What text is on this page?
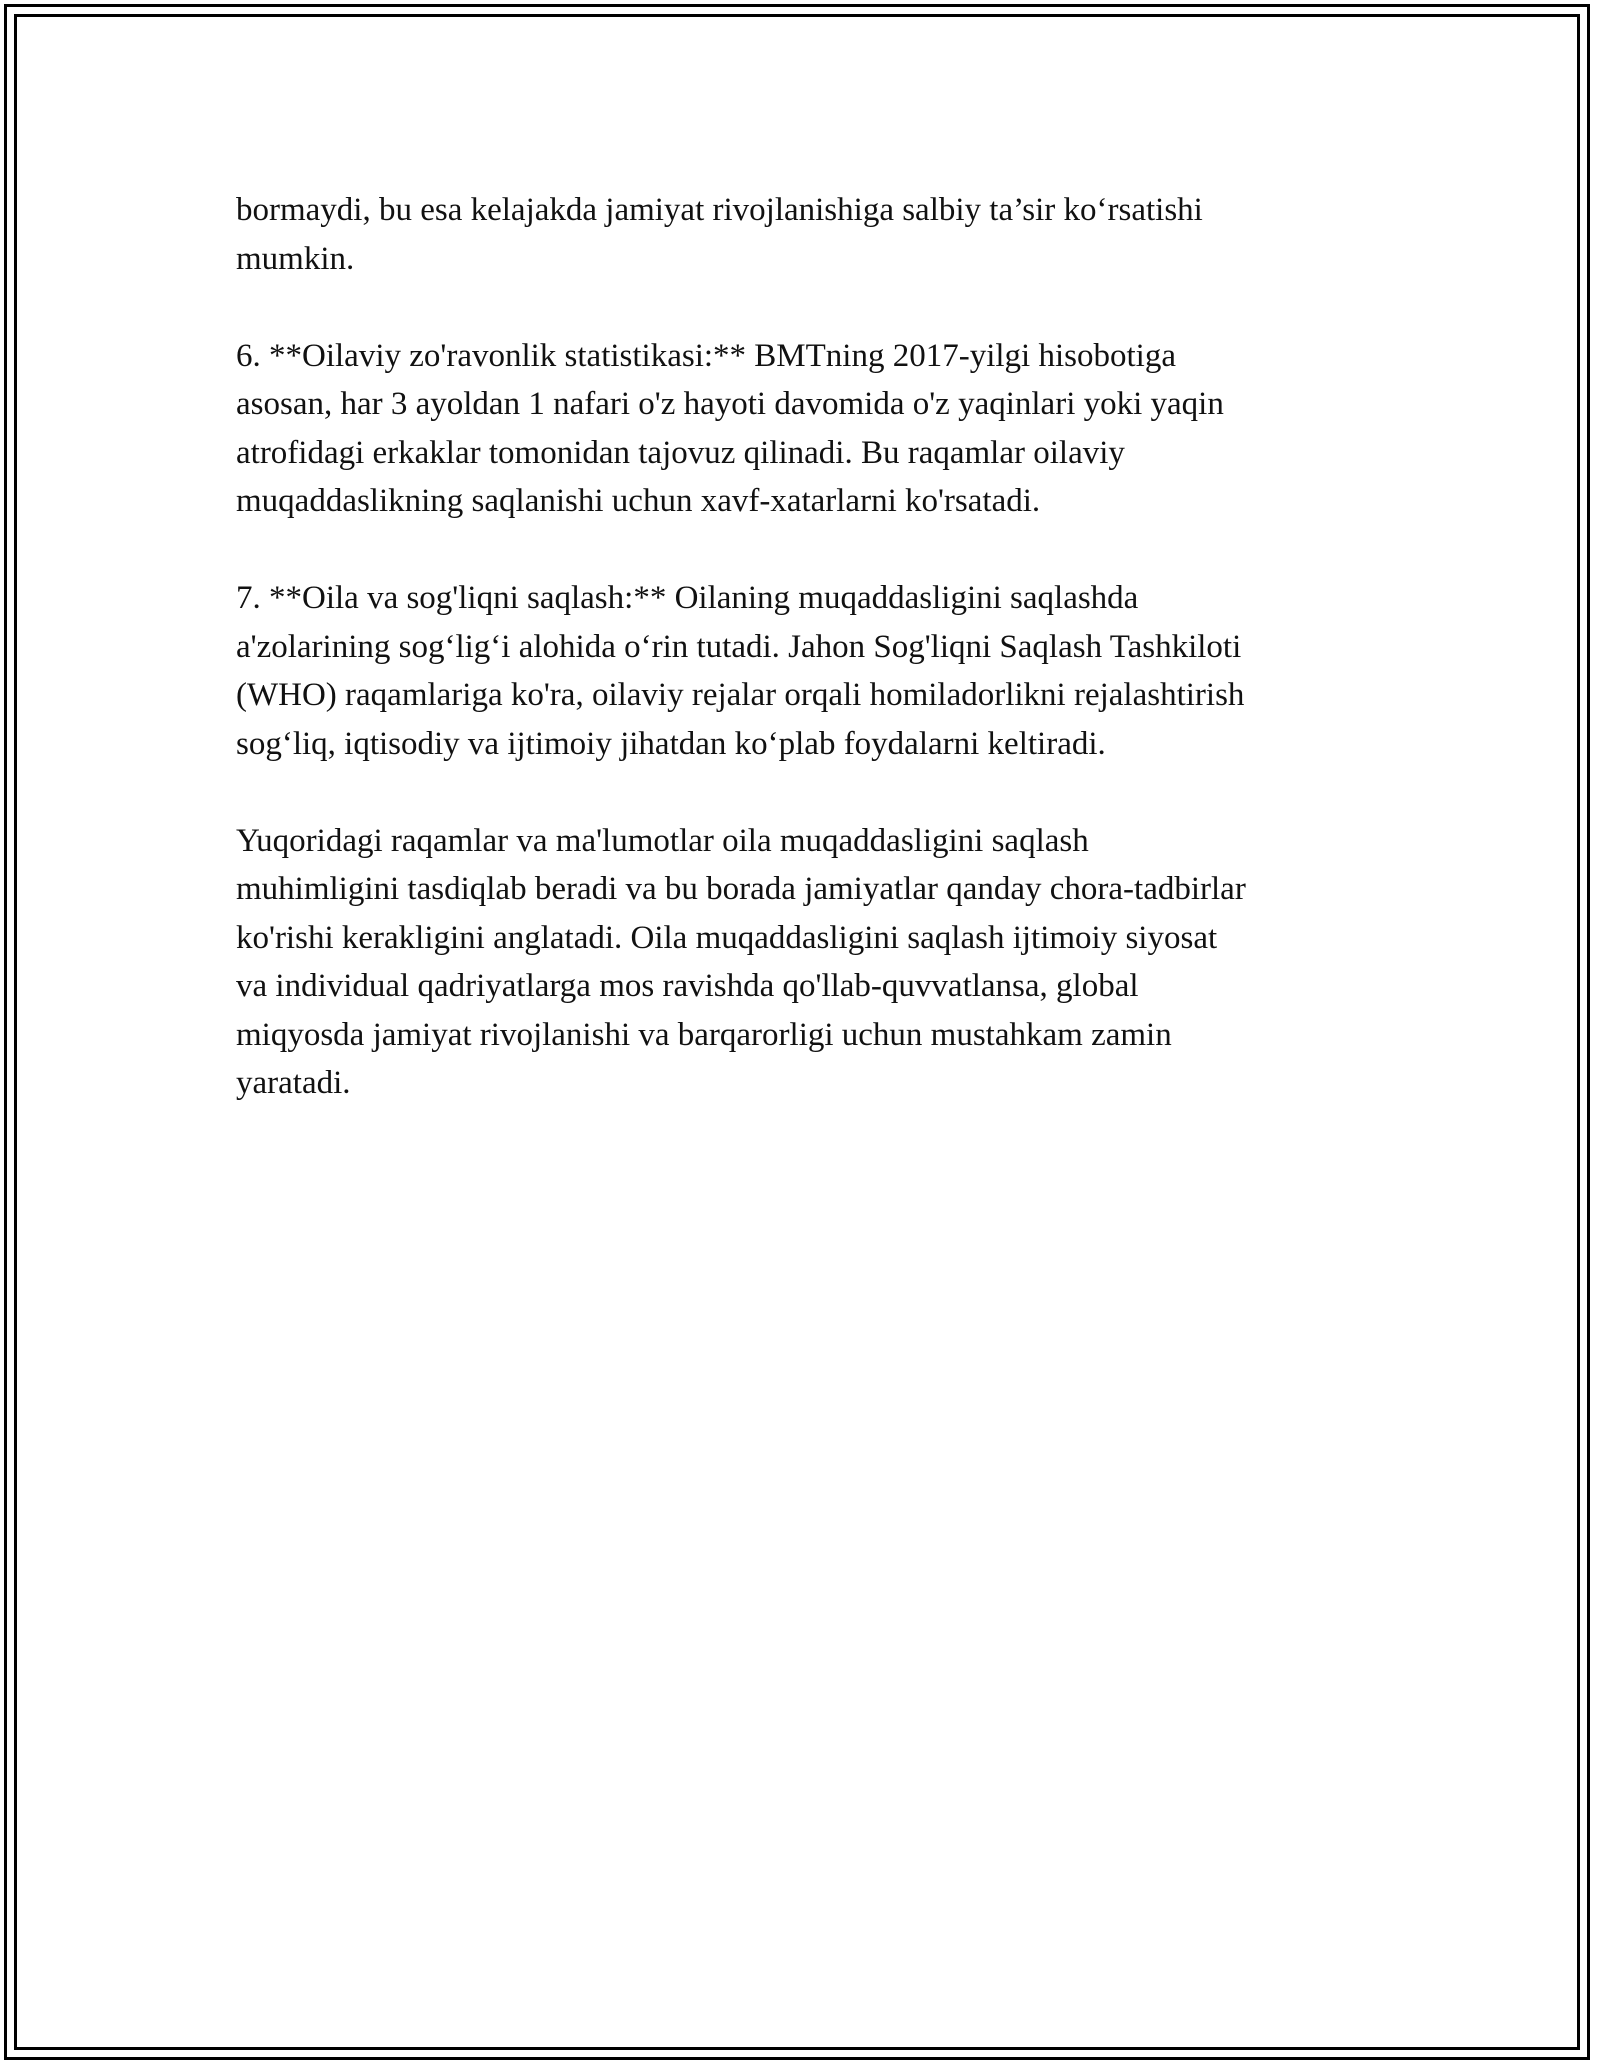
bormaydi, bu esa kelajakda jamiyat rivojlanishiga salbiy ta’sir ko‘rsatishi
mumkin.

6. **Oilaviy zo'ravonlik statistikasi:** BMTning 2017-yilgi hisobotiga
asosan, har 3 ayoldan 1 nafari o'z hayoti davomida o'z yaqinlari yoki yaqin
atrofidagi erkaklar tomonidan tajovuz qilinadi. Bu raqamlar oilaviy
muqaddaslikning saqlanishi uchun xavf-xatarlarni ko'rsatadi.

7. **Oila va sog'liqni saqlash:** Oilaning muqaddasligini saqlashda
a'zolarining sog‘lig‘i alohida o‘rin tutadi. Jahon Sog'liqni Saqlash Tashkiloti
(WHO) raqamlariga ko'ra, oilaviy rejalar orqali homiladorlikni rejalashtirish
sog‘liq, iqtisodiy va ijtimoiy jihatdan ko‘plab foydalarni keltiradi.

Yuqoridagi raqamlar va ma'lumotlar oila muqaddasligini saqlash
muhimligini tasdiqlab beradi va bu borada jamiyatlar qanday chora-tadbirlar
ko'rishi kerakligini anglatadi. Oila muqaddasligini saqlash ijtimoiy siyosat
va individual qadriyatlarga mos ravishda qo'llab-quvvatlansa, global
miqyosda jamiyat rivojlanishi va barqarorligi uchun mustahkam zamin
yaratadi.
